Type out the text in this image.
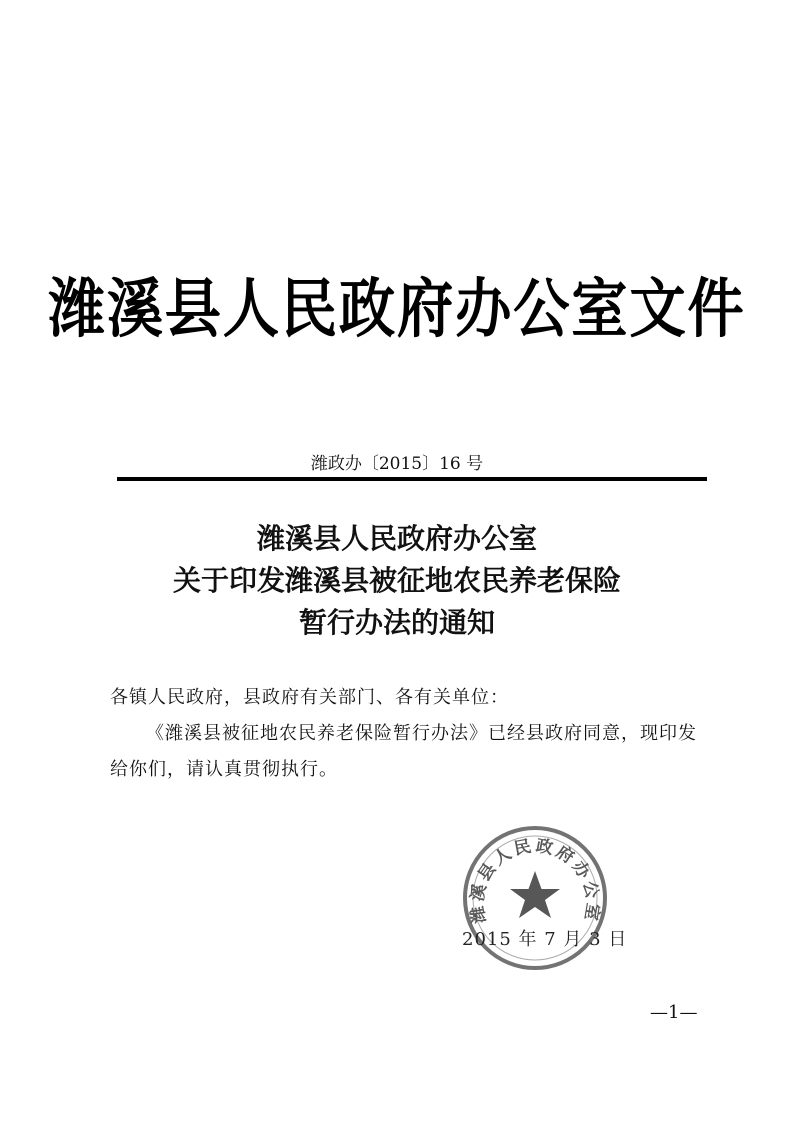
潍溪县人民政府办公室文件
潍政办〔2015〕16 号
潍溪县人民政府办公室
关于印发潍溪县被征地农民养老保险
暂行办法的通知

各镇人民政府，县政府有关部门、各有关单位：

《潍溪县被征地农民养老保险暂行办法》已经县政府同意，现印发给你们，请认真贯彻执行。

潍溪县人民政府办公室
2015 年 7 月 3 日
—1—
